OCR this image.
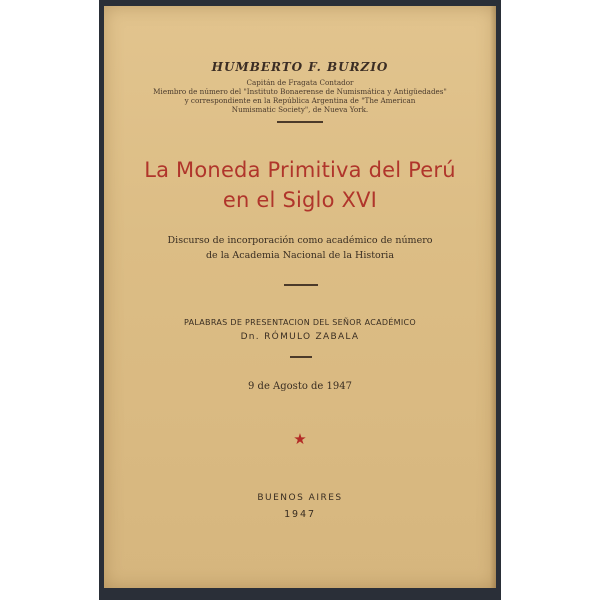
HUMBERTO F. BURZIO
Capitán de Fragata Contador
Miembro de número del "Instituto Bonaerense de Numismática y Antigüedades"
y correspondiente en la República Argentina de "The American
Numismatic Society", de Nueva York.
La Moneda Primitiva del Perú
en el Siglo XVI
Discurso de incorporación como académico de número
de la Academia Nacional de la Historia
PALABRAS DE PRESENTACION DEL SEÑOR ACADÉMICO
Dn. RÓMULO ZABALA
9 de Agosto de 1947
★
BUENOS AIRES
1947
